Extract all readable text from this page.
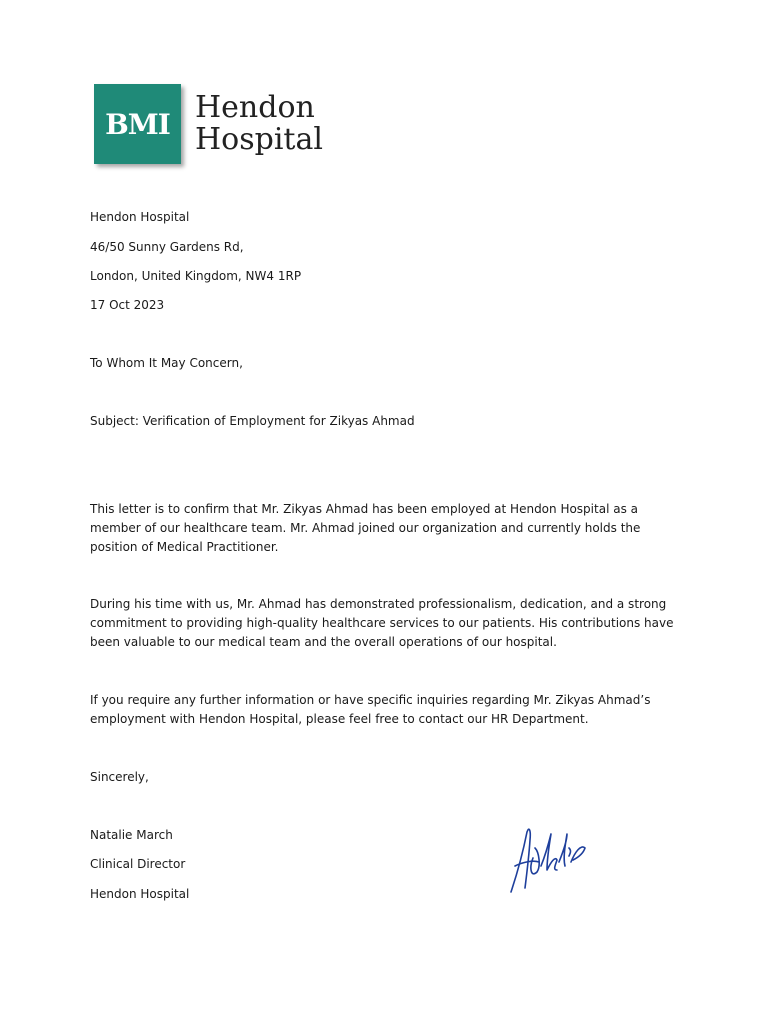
BMI Hendon
Hospital
Hendon Hospital
46/50 Sunny Gardens Rd,
London, United Kingdom, NW4 1RP
17 Oct 2023
To Whom It May Concern,
Subject: Verification of Employment for Zikyas Ahmad
This letter is to confirm that Mr. Zikyas Ahmad has been employed at Hendon Hospital as a member of our healthcare team. Mr. Ahmad joined our organization and currently holds the position of Medical Practitioner.
During his time with us, Mr. Ahmad has demonstrated professionalism, dedication, and a strong commitment to providing high-quality healthcare services to our patients. His contributions have been valuable to our medical team and the overall operations of our hospital.
If you require any further information or have specific inquiries regarding Mr. Zikyas Ahmad’s employment with Hendon Hospital, please feel free to contact our HR Department.
Sincerely,
Natalie March
Clinical Director
Hendon Hospital
